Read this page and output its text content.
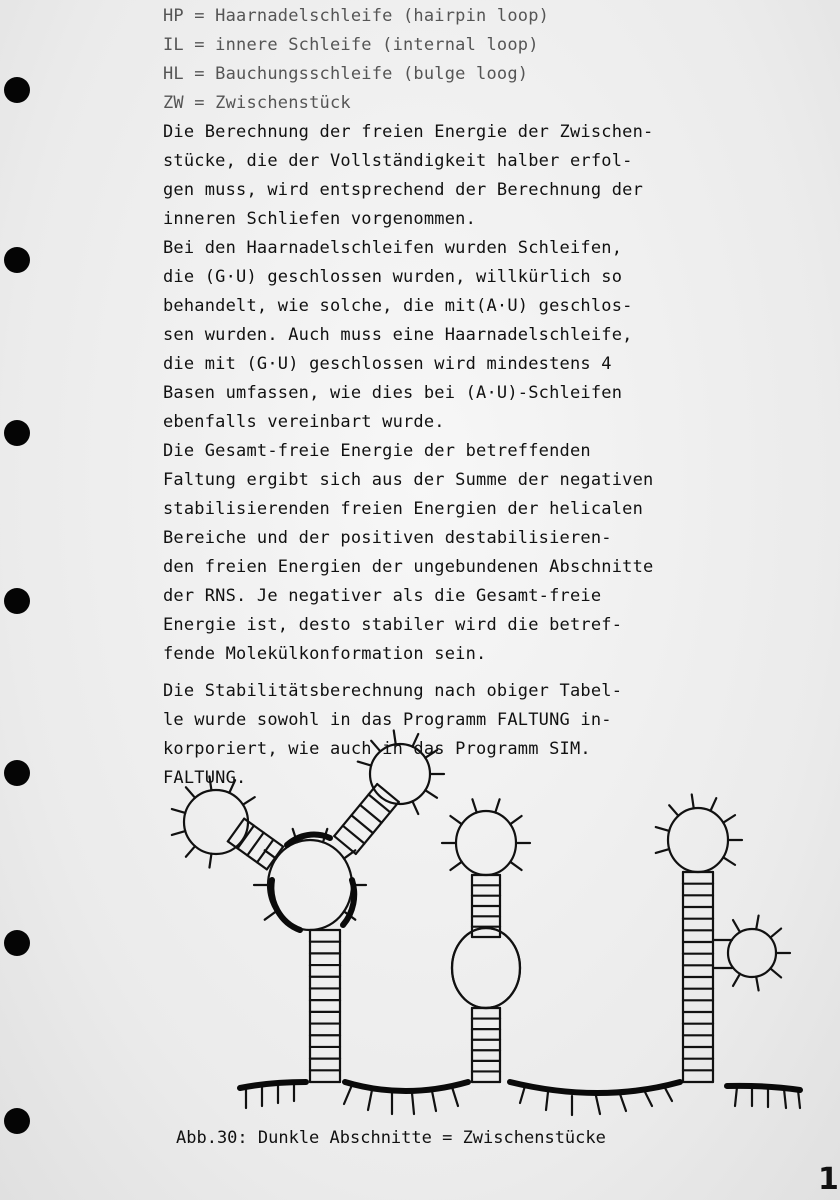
HP = Haarnadelschleife (hairpin loop)
IL = innere Schleife (internal loop)
HL = Bauchungsschleife (bulge loog)
ZW = Zwischenstück
Die Berechnung der freien Energie der Zwischen-
stücke, die der Vollständigkeit halber erfol-
gen muss, wird entsprechend der Berechnung der
inneren Schliefen vorgenommen.
Bei den Haarnadelschleifen wurden Schleifen,
die (G·U) geschlossen wurden, willkürlich so
behandelt, wie solche, die mit(A·U) geschlos-
sen wurden. Auch muss eine Haarnadelschleife,
die mit (G·U) geschlossen wird mindestens 4
Basen umfassen, wie dies bei (A·U)-Schleifen
ebenfalls vereinbart wurde.
Die Gesamt-freie Energie der betreffenden
Faltung ergibt sich aus der Summe der negativen
stabilisierenden freien Energien der helicalen
Bereiche und der positiven destabilisieren-
den freien Energien der ungebundenen Abschnitte
der RNS. Je negativer als die Gesamt-freie
Energie ist, desto stabiler wird die betref-
fende Molekülkonformation sein.
Die Stabilitätsberechnung nach obiger Tabel-
le wurde sowohl in das Programm FALTUNG in-
korporiert, wie auch in das Programm SIM.
FALTUNG.
Abb.30: Dunkle Abschnitte = Zwischenstücke
1
